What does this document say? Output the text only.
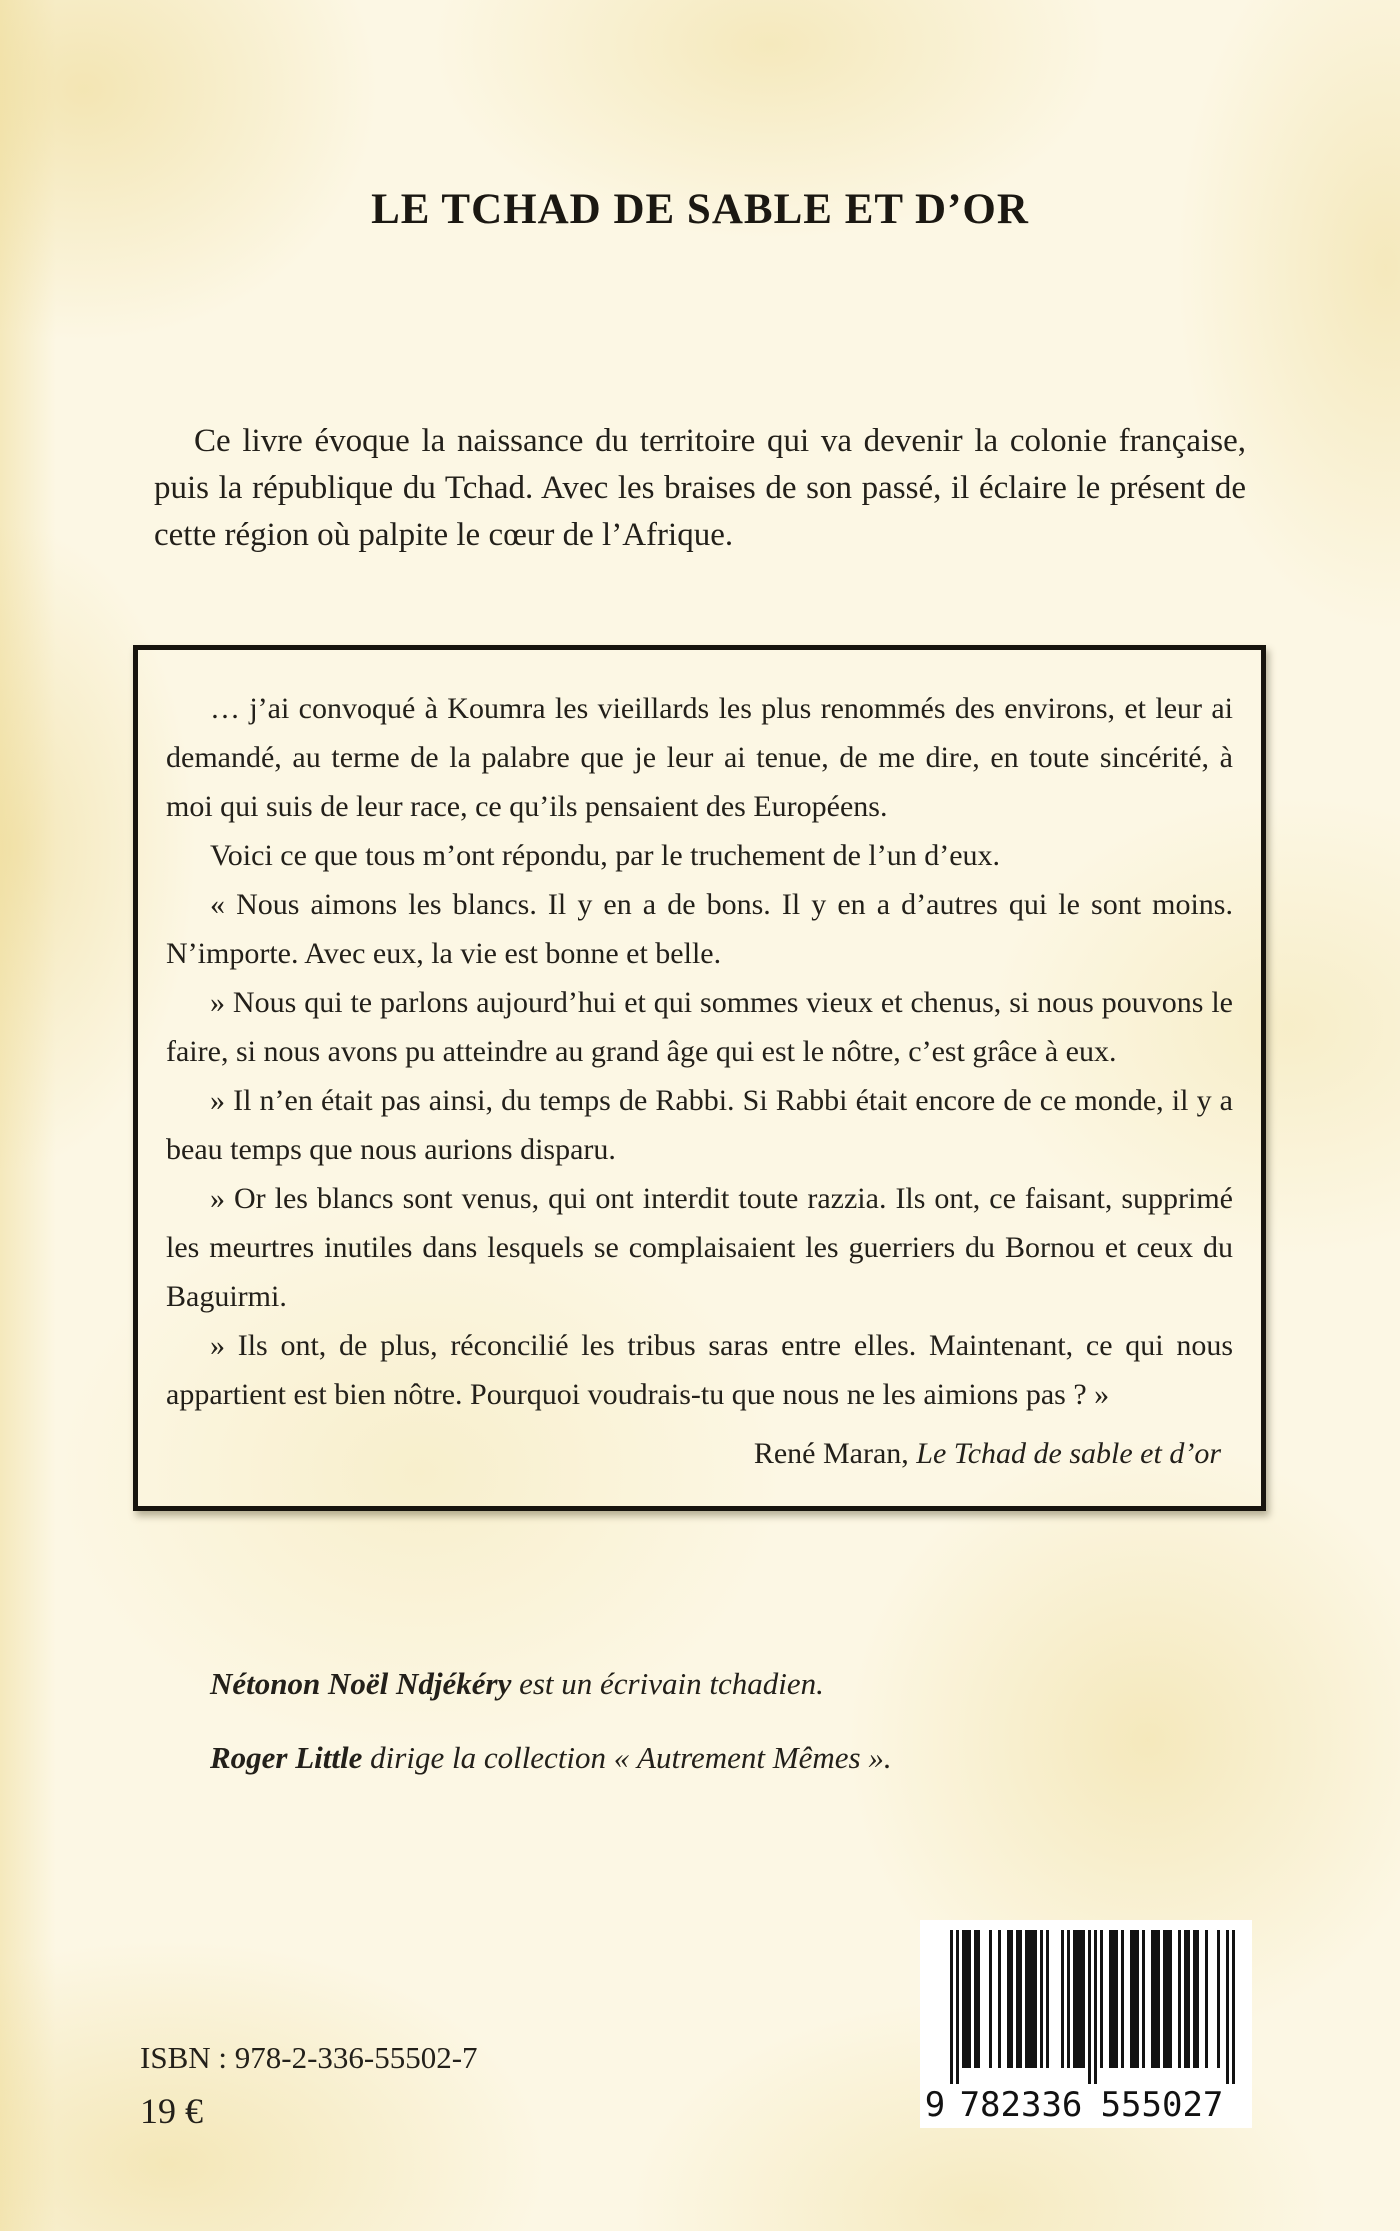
LE TCHAD DE SABLE ET D’OR
Ce livre évoque la naissance du territoire qui va devenir la colonie française, puis la république du Tchad. Avec les braises de son passé, il éclaire le présent de cette région où palpite le cœur de l’Afrique.

… j’ai convoqué à Koumra les vieillards les plus renommés des environs, et leur ai demandé, au terme de la palabre que je leur ai tenue, de me dire, en toute sincérité, à moi qui suis de leur race, ce qu’ils pensaient des Européens.

Voici ce que tous m’ont répondu, par le truchement de l’un d’eux.

« Nous aimons les blancs. Il y en a de bons. Il y en a d’autres qui le sont moins. N’importe. Avec eux, la vie est bonne et belle.

» Nous qui te parlons aujourd’hui et qui sommes vieux et chenus, si nous pouvons le faire, si nous avons pu atteindre au grand âge qui est le nôtre, c’est grâce à eux.

» Il n’en était pas ainsi, du temps de Rabbi. Si Rabbi était encore de ce monde, il y a beau temps que nous aurions disparu.

» Or les blancs sont venus, qui ont interdit toute razzia. Ils ont, ce faisant, supprimé les meurtres inutiles dans lesquels se complaisaient les guerriers du Bornou et ceux du Baguirmi.

» Ils ont, de plus, réconcilié les tribus saras entre elles. Maintenant, ce qui nous appartient est bien nôtre. Pourquoi voudrais-tu que nous ne les aimions pas ? »

René Maran, Le Tchad de sable et d’or

Nétonon Noël Ndjékéry est un écrivain tchadien.

Roger Little dirige la collection « Autrement Mêmes ».

ISBN : 978-2-336-55502-7

19 €	9 782336 555027
